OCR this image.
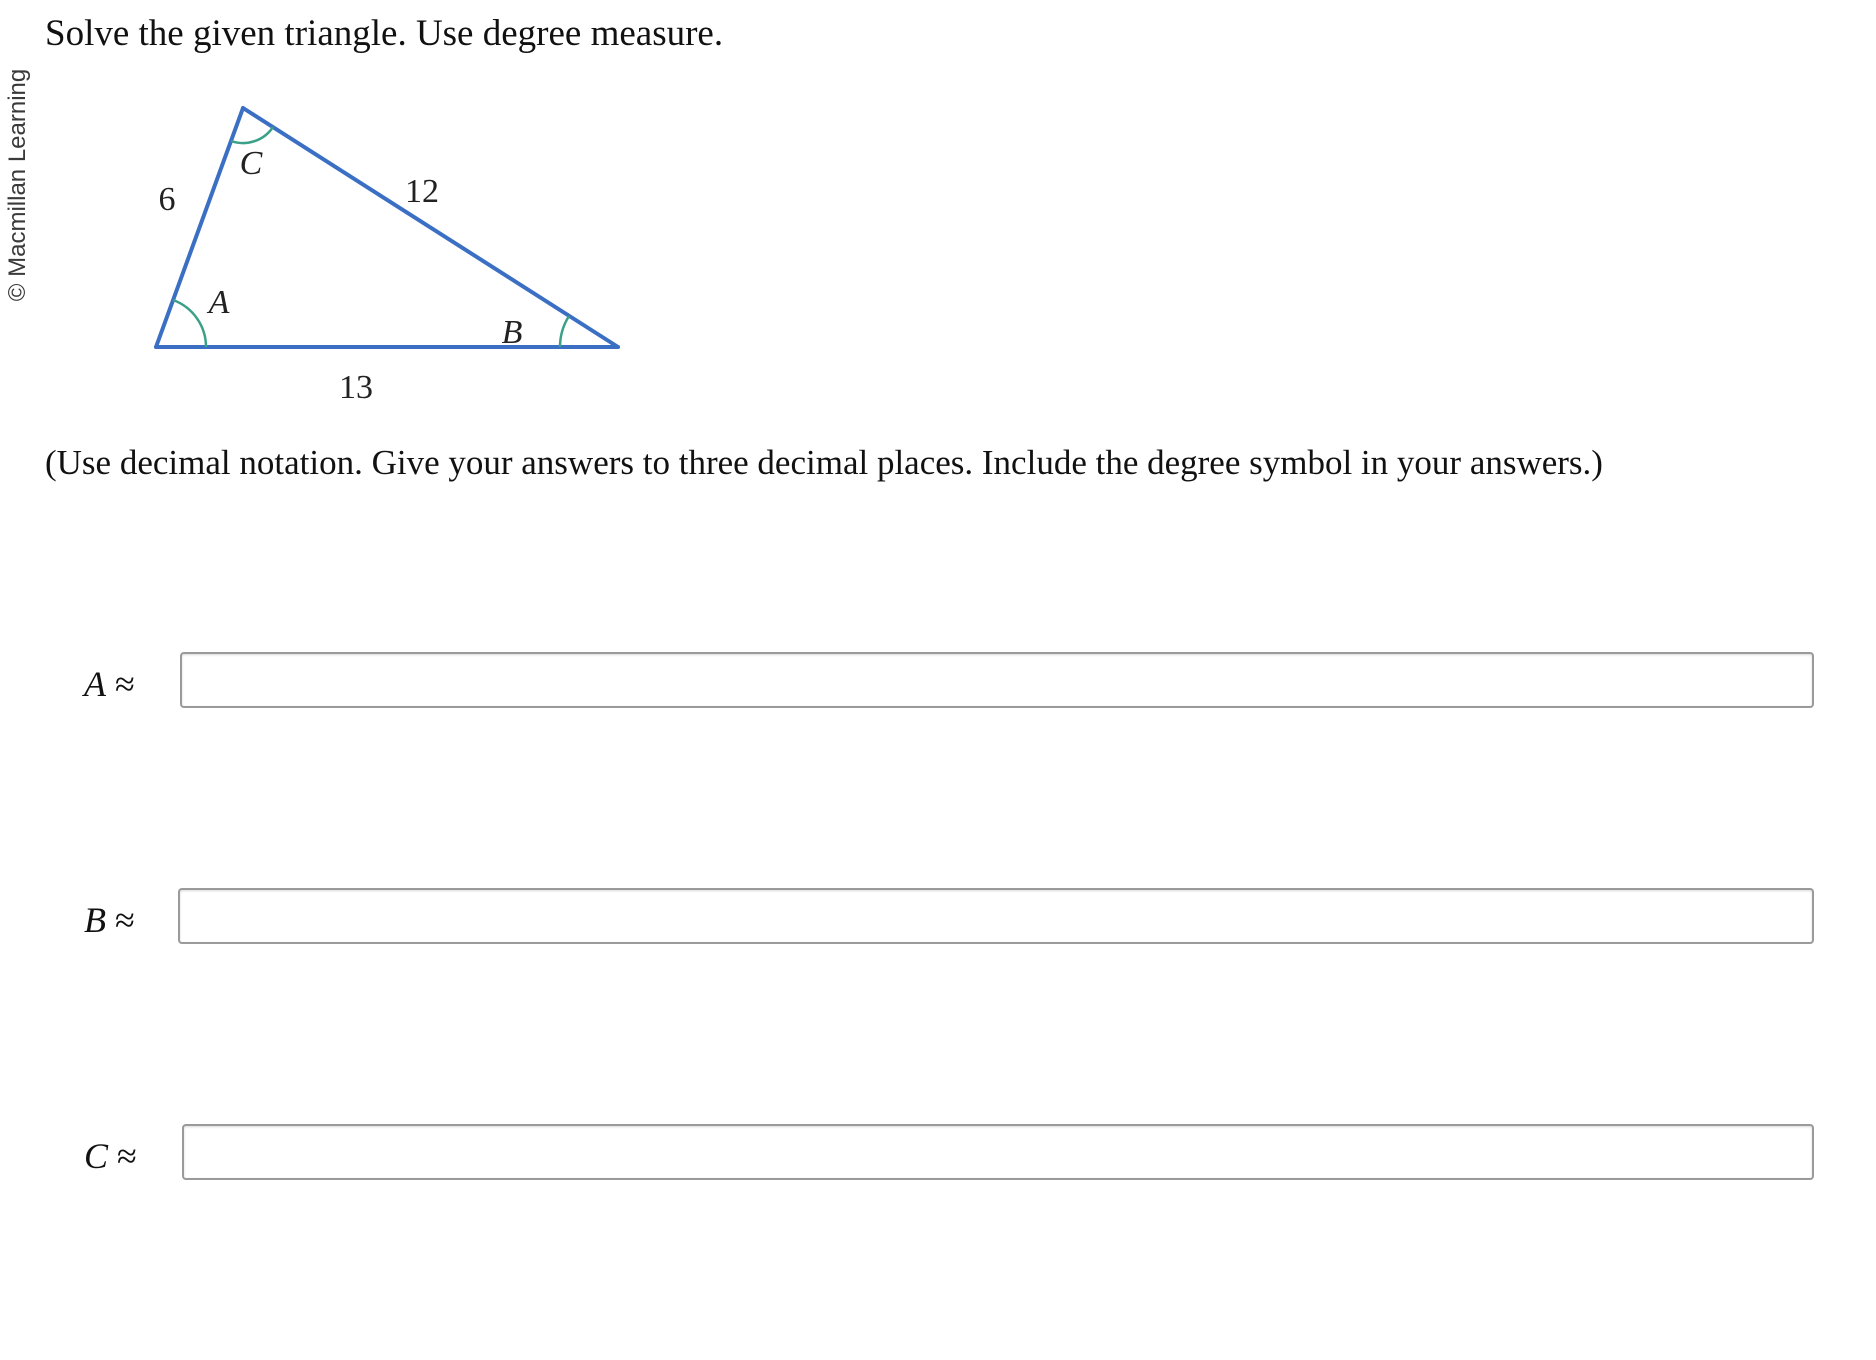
© Macmillan Learning
Solve the given triangle. Use degree measure.
6	12
13
A
B
C

(Use decimal notation. Give your answers to three decimal places. Include the degree symbol in your answers.)

A ≈
B ≈
C ≈
